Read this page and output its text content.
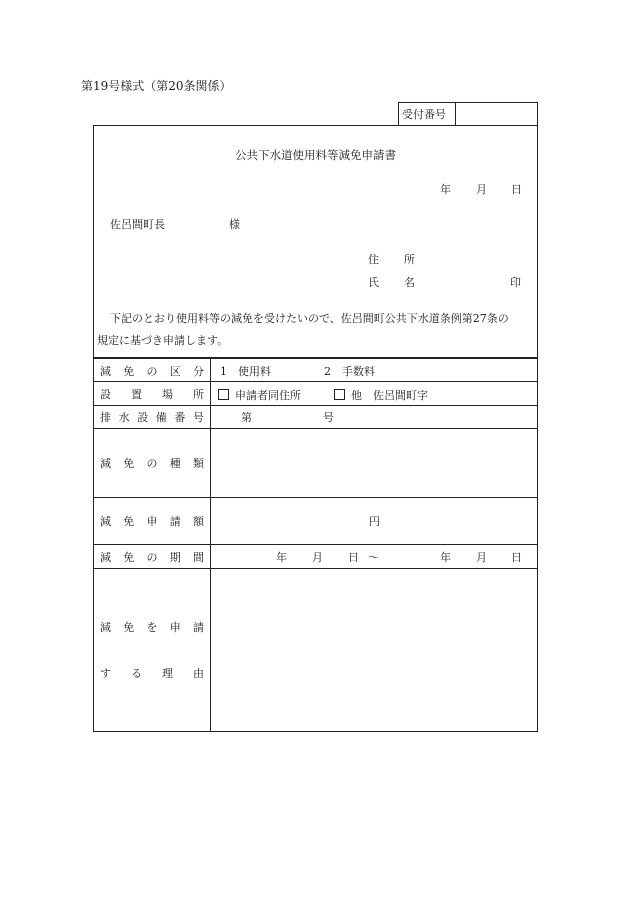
第19号様式（第20条関係）
受付番号
公共下水道使用料等減免申請書
年 月 日
佐呂間町長	様
住 所
氏 名	印
下記のとおり使用料等の減免を受けたいので、佐呂間町公共下水道条例第27条の
規定に基づき申請します。
減 免 の 区 分 1　使用料	2　手数料
設 置 場 所	申請者同住所	他　佐呂間町字
排 水 設 備 番 号	第	号
減 免 の 種 類
減 免 申 請 額	円
減 免 の 期 間	年 月 日 ～	年 月 日
減 免 を 申 請
す る 理 由
